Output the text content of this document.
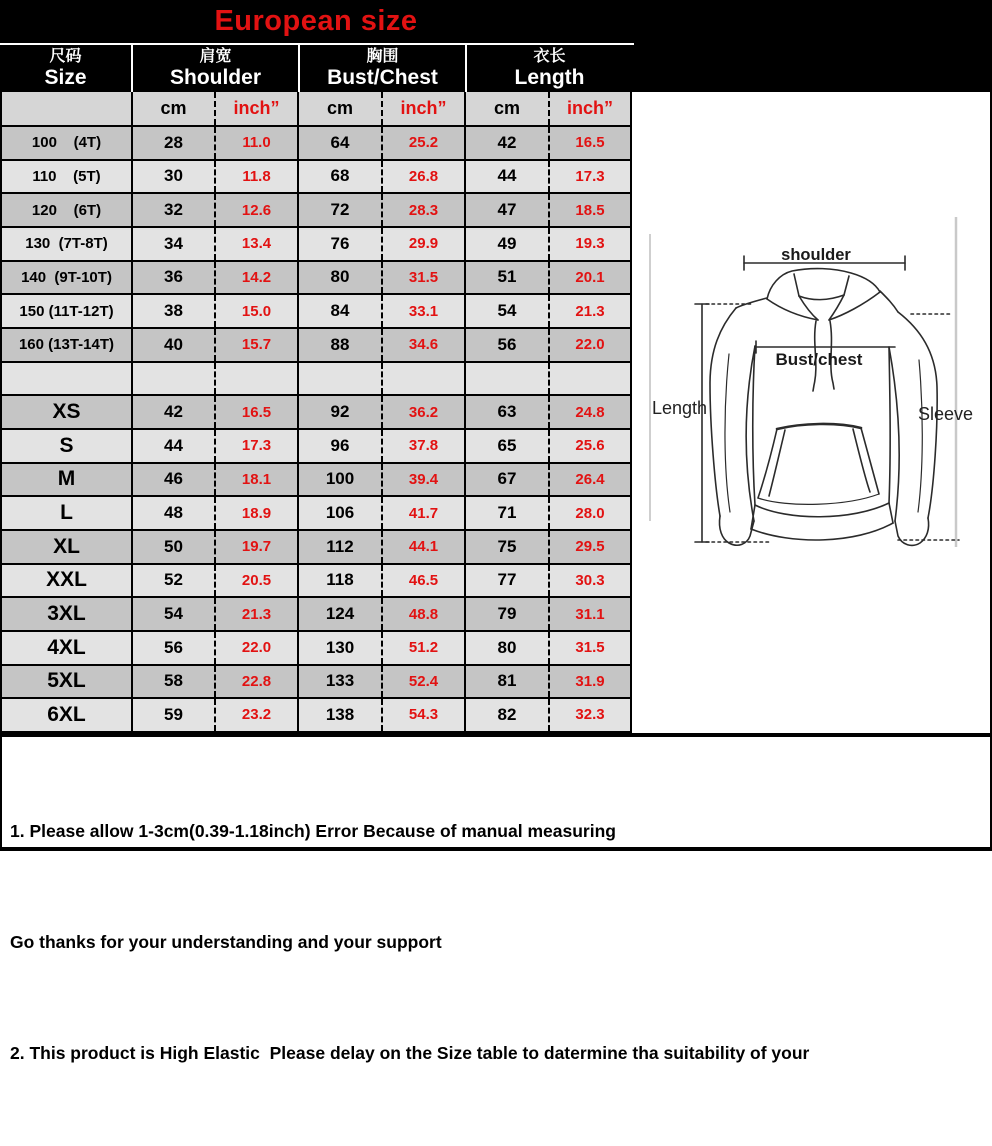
European size
尺码
Size
肩宽
Shoulder
胸围
Bust/Chest
衣长
Length
cm	inch”	cm	inch”	cm	inch”
100    (4T)	28	11.0	64	25.2	42	16.5
110    (5T)	30	11.8	68	26.8	44	17.3
120    (6T)	32	12.6	72	28.3	47	18.5
130  (7T-8T)	34	13.4	76	29.9	49	19.3
140  (9T-10T)	36	14.2	80	31.5	51	20.1
150 (11T-12T)	38	15.0	84	33.1	54	21.3
160 (13T-14T)	40	15.7	88	34.6	56	22.0
XS	42	16.5	92	36.2	63	24.8
S	44	17.3	96	37.8	65	25.6
M	46	18.1	100	39.4	67	26.4
L	48	18.9	106	41.7	71	28.0
XL	50	19.7	112	44.1	75	29.5
XXL	52	20.5	118	46.5	77	30.3
3XL	54	21.3	124	48.8	79	31.1
4XL	56	22.0	130	51.2	80	31.5
5XL	58	22.8	133	52.4	81	31.9
6XL	59	23.2	138	54.3	82	32.3
shoulder
Bust/chest
Length	Sleeve

1. Please allow 1-3cm(0.39-1.18inch) Error Because of manual measuring

Go thanks for your understanding and your support

2. This product is High Elastic  Please delay on the Size table to datermine tha suitability of your
